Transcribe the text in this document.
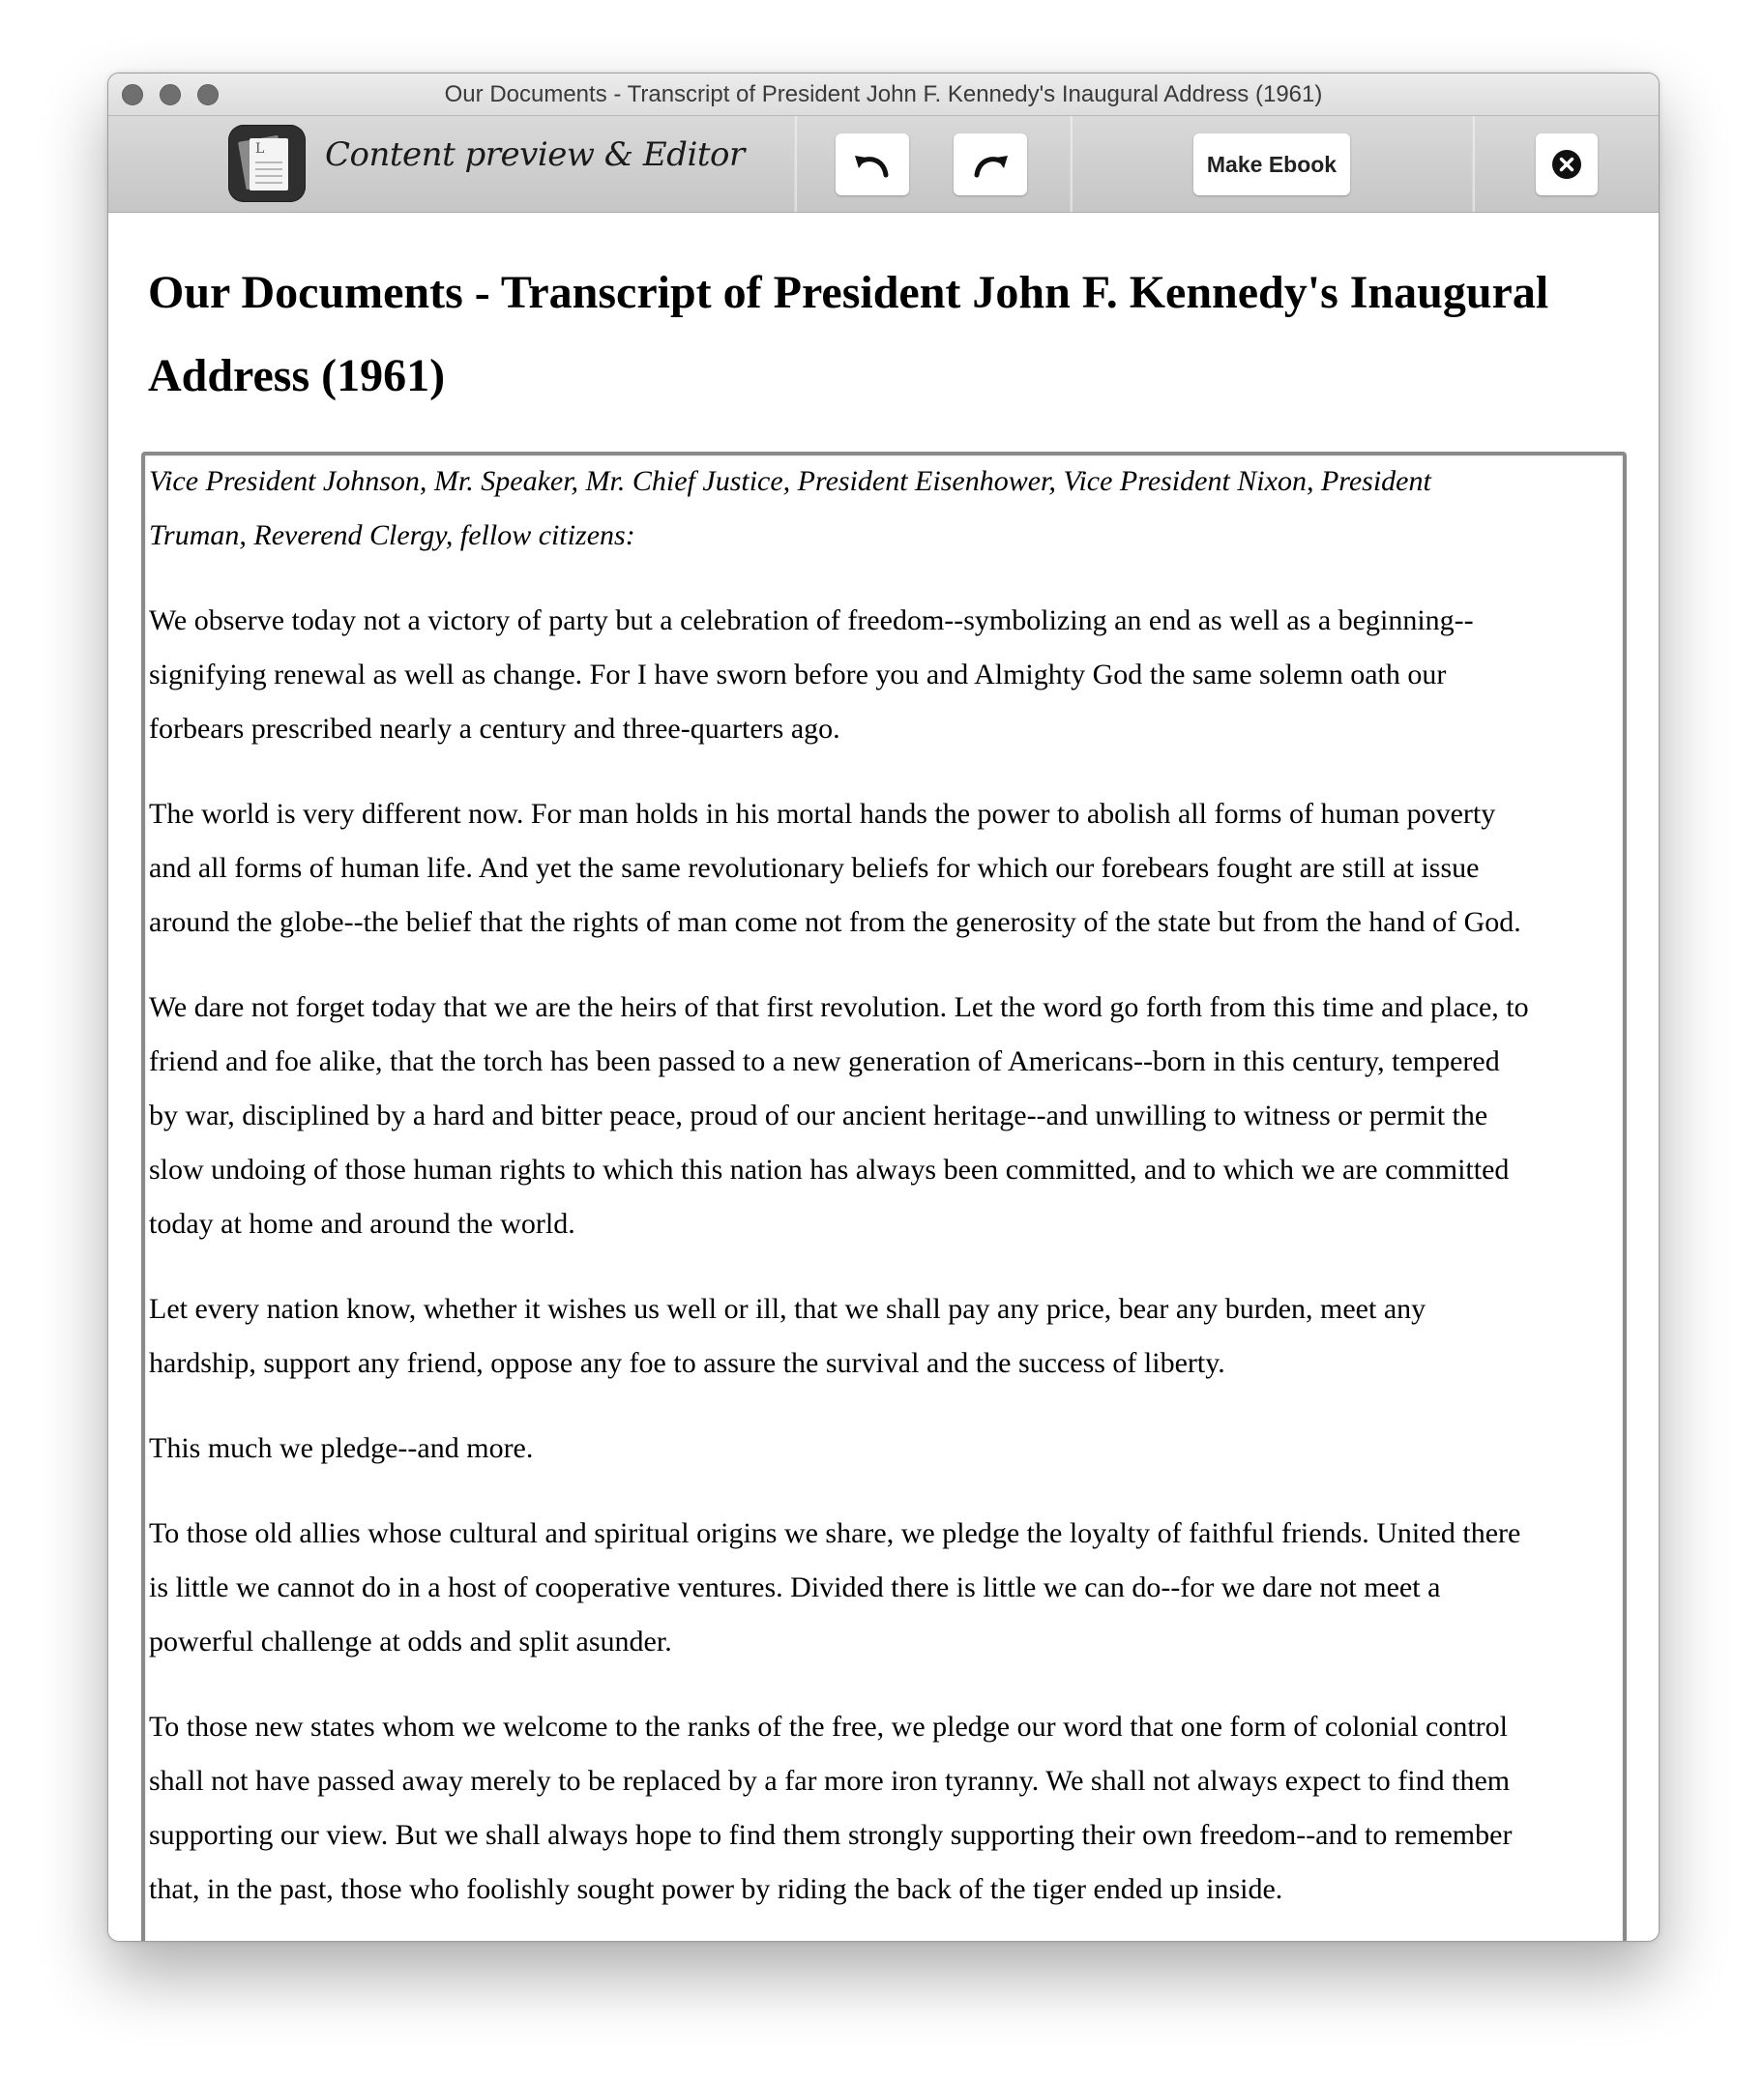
Our Documents - Transcript of President John F. Kennedy's Inaugural Address (1961)
L Content preview & Editor	Make Ebook
Our Documents - Transcript of President John F. Kennedy's Inaugural Address (1961)

Vice President Johnson, Mr. Speaker, Mr. Chief Justice, President Eisenhower, Vice President Nixon, President
Truman, Reverend Clergy, fellow citizens:

We observe today not a victory of party but a celebration of freedom--symbolizing an end as well as a beginning--
signifying renewal as well as change. For I have sworn before you and Almighty God the same solemn oath our
forbears prescribed nearly a century and three-quarters ago.

The world is very different now. For man holds in his mortal hands the power to abolish all forms of human poverty
and all forms of human life. And yet the same revolutionary beliefs for which our forebears fought are still at issue
around the globe--the belief that the rights of man come not from the generosity of the state but from the hand of God.

We dare not forget today that we are the heirs of that first revolution. Let the word go forth from this time and place, to
friend and foe alike, that the torch has been passed to a new generation of Americans--born in this century, tempered
by war, disciplined by a hard and bitter peace, proud of our ancient heritage--and unwilling to witness or permit the
slow undoing of those human rights to which this nation has always been committed, and to which we are committed
today at home and around the world.

Let every nation know, whether it wishes us well or ill, that we shall pay any price, bear any burden, meet any
hardship, support any friend, oppose any foe to assure the survival and the success of liberty.

This much we pledge--and more.

To those old allies whose cultural and spiritual origins we share, we pledge the loyalty of faithful friends. United there
is little we cannot do in a host of cooperative ventures. Divided there is little we can do--for we dare not meet a
powerful challenge at odds and split asunder.

To those new states whom we welcome to the ranks of the free, we pledge our word that one form of colonial control
shall not have passed away merely to be replaced by a far more iron tyranny. We shall not always expect to find them
supporting our view. But we shall always hope to find them strongly supporting their own freedom--and to remember
that, in the past, those who foolishly sought power by riding the back of the tiger ended up inside.
